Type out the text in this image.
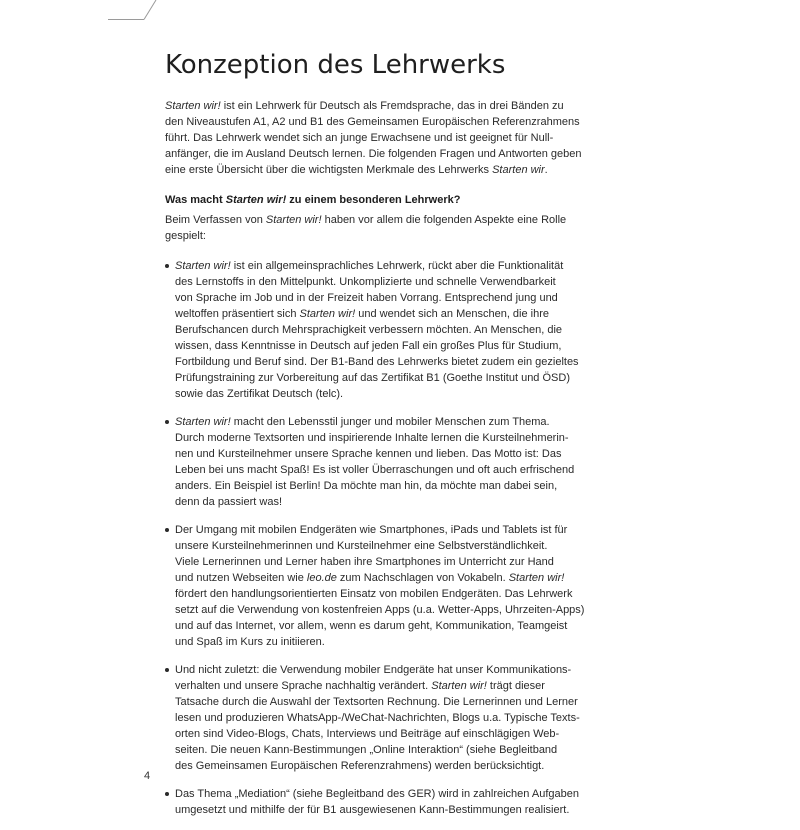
Konzeption des Lehrwerks
Starten wir! ist ein Lehrwerk für Deutsch als Fremdsprache, das in drei Bänden zu
den Niveaustufen A1, A2 und B1 des Gemeinsamen Europäischen Referenzrahmens
führt. Das Lehrwerk wendet sich an junge Erwachsene und ist geeignet für Null-
anfänger, die im Ausland Deutsch lernen. Die folgenden Fragen und Antworten geben
eine erste Übersicht über die wichtigsten Merkmale des Lehrwerks Starten wir.
Was macht Starten wir! zu einem besonderen Lehrwerk?
Beim Verfassen von Starten wir! haben vor allem die folgenden Aspekte eine Rolle
gespielt:
Starten wir! ist ein allgemeinsprachliches Lehrwerk, rückt aber die Funktionalität
des Lernstoffs in den Mittelpunkt. Unkomplizierte und schnelle Verwendbarkeit
von Sprache im Job und in der Freizeit haben Vorrang. Entsprechend jung und
weltoffen präsentiert sich Starten wir! und wendet sich an Menschen, die ihre
Berufschancen durch Mehrsprachigkeit verbessern möchten. An Menschen, die
wissen, dass Kenntnisse in Deutsch auf jeden Fall ein großes Plus für Studium,
Fortbildung und Beruf sind. Der B1-Band des Lehrwerks bietet zudem ein gezieltes
Prüfungstraining zur Vorbereitung auf das Zertifikat B1 (Goethe Institut und ÖSD)
sowie das Zertifikat Deutsch (telc).
Starten wir! macht den Lebensstil junger und mobiler Menschen zum Thema.
Durch moderne Textsorten und inspirierende Inhalte lernen die Kursteilnehmerin-
nen und Kursteilnehmer unsere Sprache kennen und lieben. Das Motto ist: Das
Leben bei uns macht Spaß! Es ist voller Überraschungen und oft auch erfrischend
anders. Ein Beispiel ist Berlin! Da möchte man hin, da möchte man dabei sein,
denn da passiert was!
Der Umgang mit mobilen Endgeräten wie Smartphones, iPads und Tablets ist für
unsere Kursteilnehmerinnen und Kursteilnehmer eine Selbstverständlichkeit.
Viele Lernerinnen und Lerner haben ihre Smartphones im Unterricht zur Hand
und nutzen Webseiten wie leo.de zum Nachschlagen von Vokabeln. Starten wir!
fördert den handlungsorientierten Einsatz von mobilen Endgeräten. Das Lehrwerk
setzt auf die Verwendung von kostenfreien Apps (u.a. Wetter-Apps, Uhrzeiten-Apps)
und auf das Internet, vor allem, wenn es darum geht, Kommunikation, Teamgeist
und Spaß im Kurs zu initiieren.
Und nicht zuletzt: die Verwendung mobiler Endgeräte hat unser Kommunikations-
verhalten und unsere Sprache nachhaltig verändert. Starten wir! trägt dieser
Tatsache durch die Auswahl der Textsorten Rechnung. Die Lernerinnen und Lerner
lesen und produzieren WhatsApp-/WeChat-Nachrichten, Blogs u.a. Typische Texts-
orten sind Video-Blogs, Chats, Interviews und Beiträge auf einschlägigen Web-
seiten. Die neuen Kann-Bestimmungen „Online Interaktion“ (siehe Begleitband
des Gemeinsamen Europäischen Referenzrahmens) werden berücksichtigt.
Das Thema „Mediation“ (siehe Begleitband des GER) wird in zahlreichen Aufgaben
umgesetzt und mithilfe der für B1 ausgewiesenen Kann-Bestimmungen realisiert.
4
